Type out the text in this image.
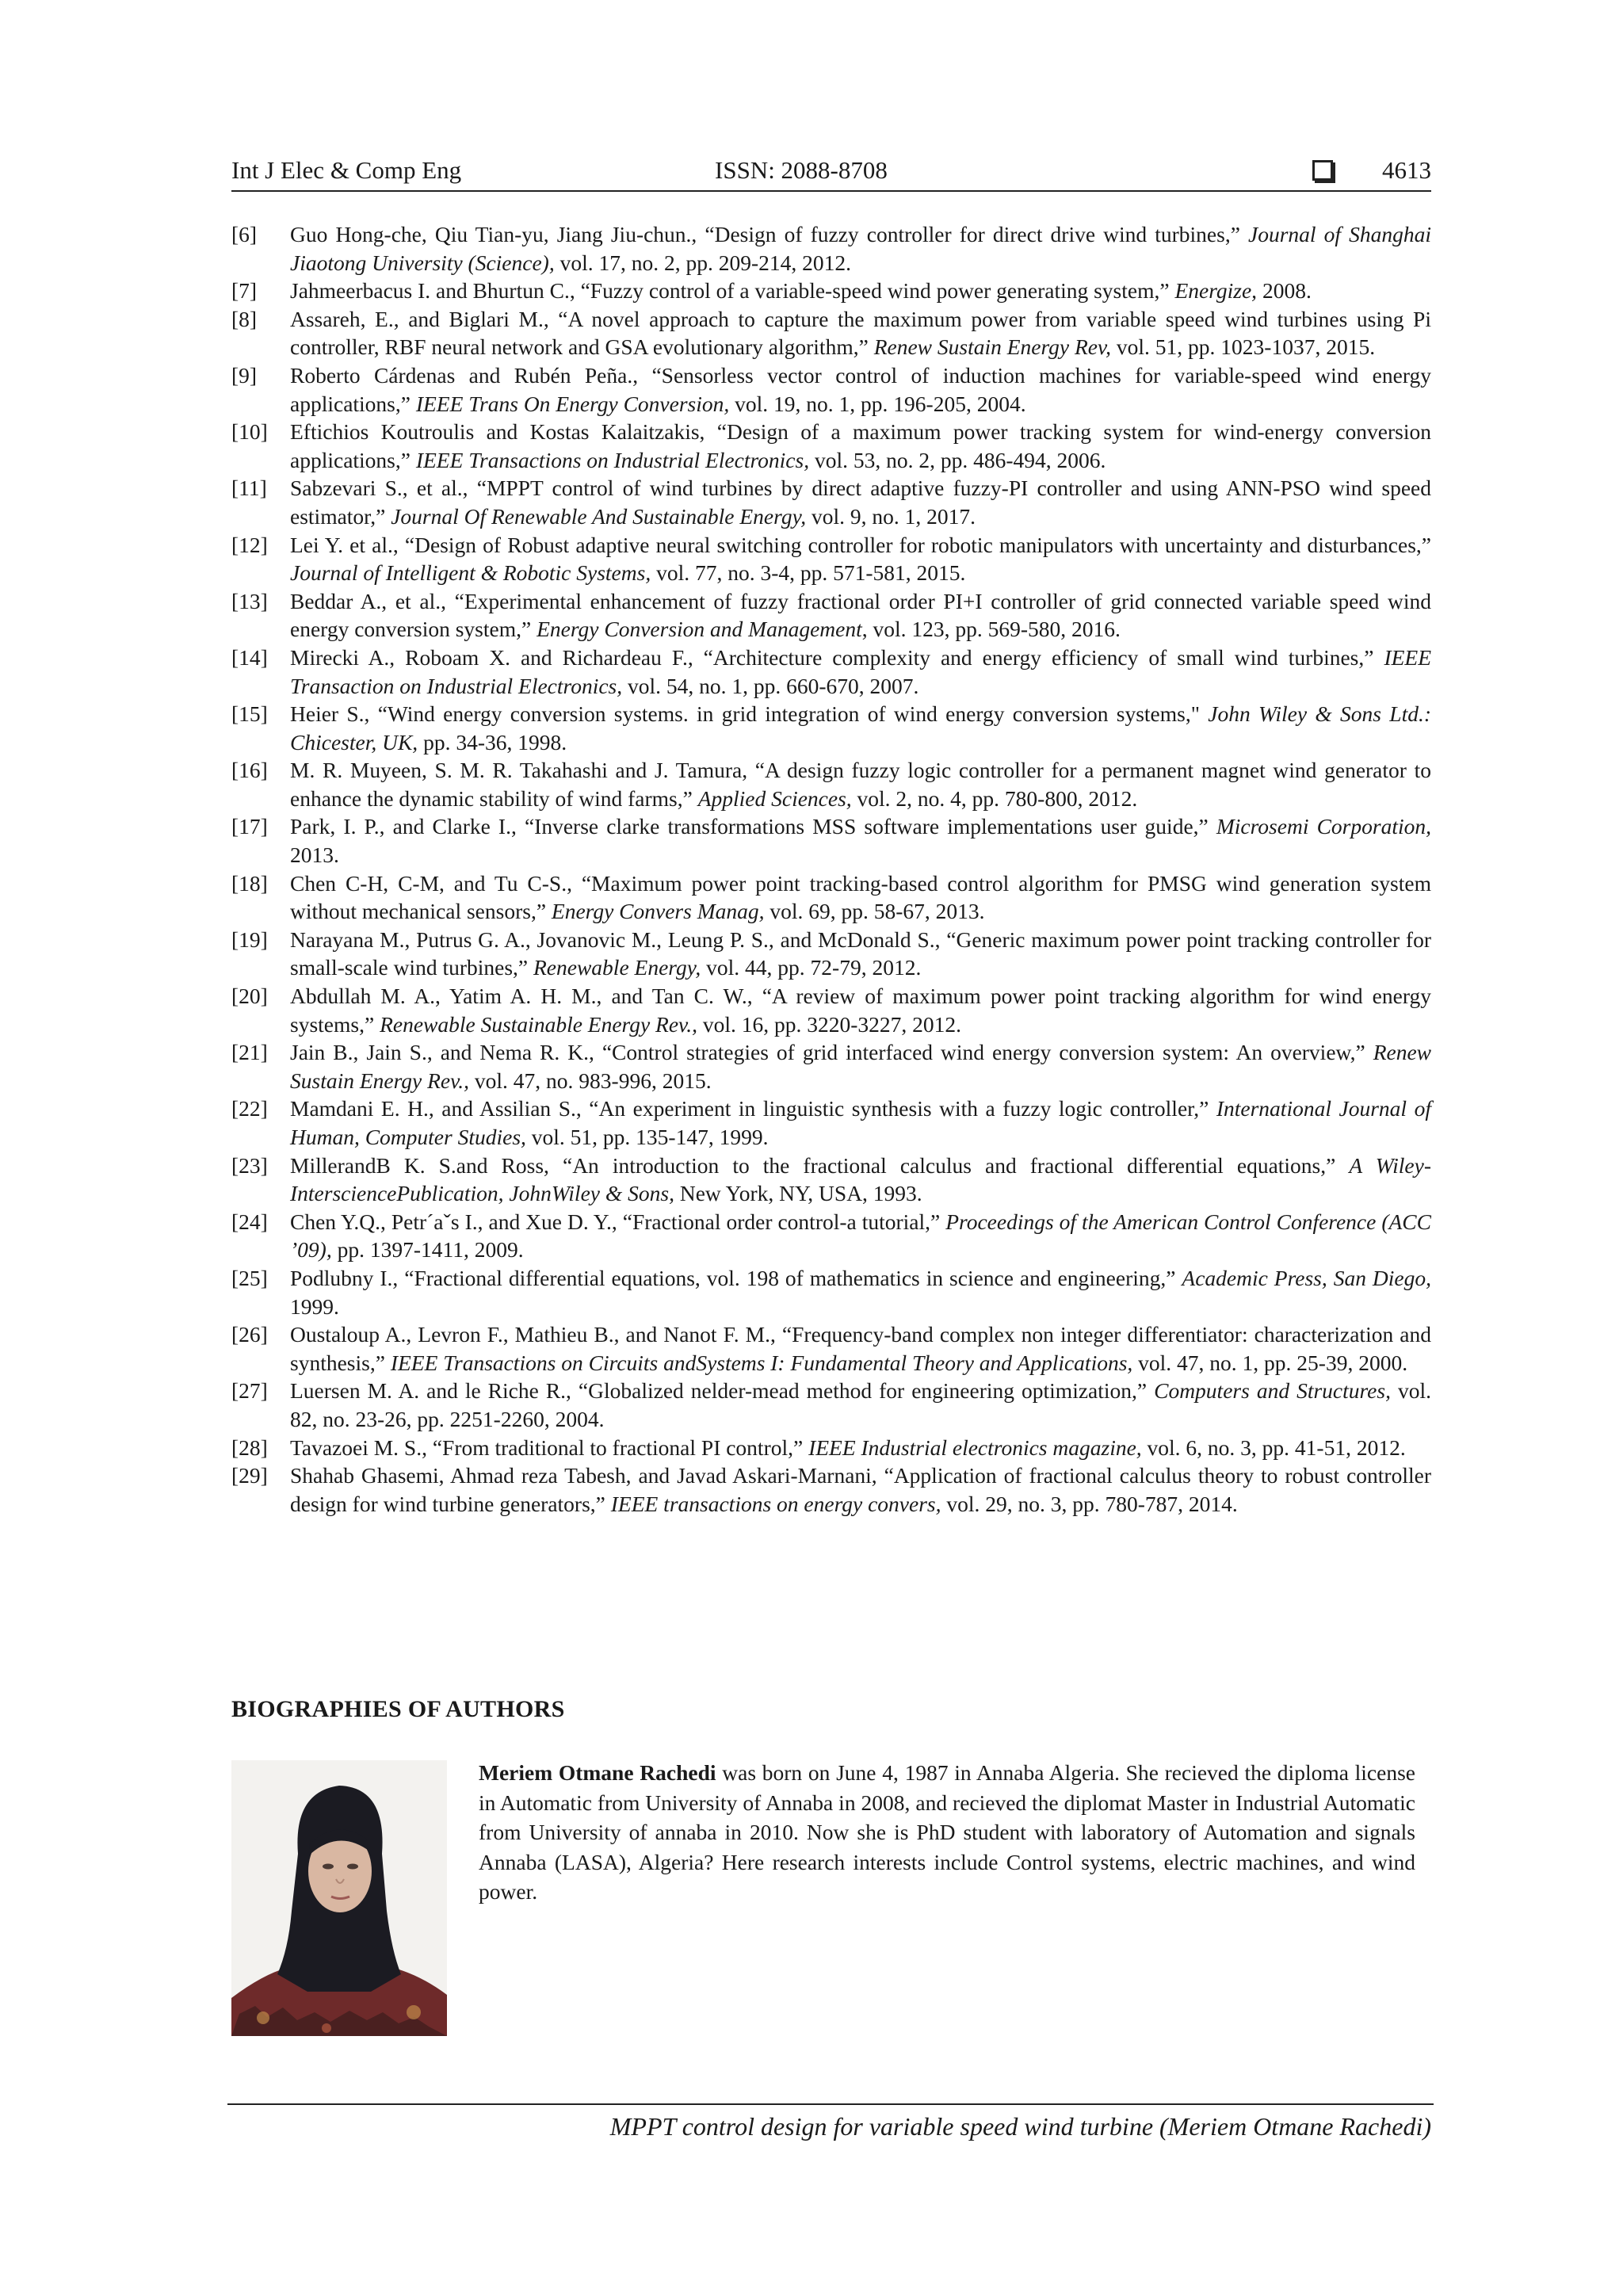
Int J Elec & Comp Eng	ISSN: 2088-8708	4613
[6]	Guo Hong-che, Qiu Tian-yu, Jiang Jiu-chun., “Design of fuzzy controller for direct drive wind turbines,” Journal of Shanghai Jiaotong University (Science), vol. 17, no. 2, pp. 209-214, 2012.
[7]	Jahmeerbacus I. and Bhurtun C., “Fuzzy control of a variable-speed wind power generating system,” Energize, 2008.
[8]	Assareh, E., and Biglari M., “A novel approach to capture the maximum power from variable speed wind turbines using Pi controller, RBF neural network and GSA evolutionary algorithm,” Renew Sustain Energy Rev, vol. 51, pp. 1023-1037, 2015.
[9]	Roberto Cárdenas and Rubén Peña., “Sensorless vector control of induction machines for variable-speed wind energy applications,” IEEE Trans On Energy Conversion, vol. 19, no. 1, pp. 196-205, 2004.
[10]	Eftichios Koutroulis and Kostas Kalaitzakis, “Design of a maximum power tracking system for wind-energy conversion applications,” IEEE Transactions on Industrial Electronics, vol. 53, no. 2, pp. 486-494, 2006.
[11]	Sabzevari S., et al., “MPPT control of wind turbines by direct adaptive fuzzy-PI controller and using ANN-PSO wind speed estimator,” Journal Of Renewable And Sustainable Energy, vol. 9, no. 1, 2017.
[12]	Lei Y. et al., “Design of Robust adaptive neural switching controller for robotic manipulators with uncertainty and disturbances,” Journal of Intelligent & Robotic Systems, vol. 77, no. 3-4, pp. 571-581, 2015.
[13]	Beddar A., et al., “Experimental enhancement of fuzzy fractional order PI+I controller of grid connected variable speed wind energy conversion system,” Energy Conversion and Management, vol. 123, pp. 569-580, 2016.
[14]	Mirecki A., Roboam X. and Richardeau F., “Architecture complexity and energy efficiency of small wind turbines,” IEEE Transaction on Industrial Electronics, vol. 54, no. 1, pp. 660-670, 2007.
[15]	Heier S., “Wind energy conversion systems. in grid integration of wind energy conversion systems," John Wiley & Sons Ltd.: Chicester, UK, pp. 34-36, 1998.
[16]	M. R. Muyeen, S. M. R. Takahashi and J. Tamura, “A design fuzzy logic controller for a permanent magnet wind generator to enhance the dynamic stability of wind farms,” Applied Sciences, vol. 2, no. 4, pp. 780-800, 2012.
[17]	Park, I. P., and Clarke I., “Inverse clarke transformations MSS software implementations user guide,” Microsemi Corporation, 2013.
[18]	Chen C-H, C-M, and Tu C-S., “Maximum power point tracking-based control algorithm for PMSG wind generation system without mechanical sensors,” Energy Convers Manag, vol. 69, pp. 58-67, 2013.
[19]	Narayana M., Putrus G. A., Jovanovic M., Leung P. S., and McDonald S., “Generic maximum power point tracking controller for small-scale wind turbines,” Renewable Energy, vol. 44, pp. 72-79, 2012.
[20]	Abdullah M. A., Yatim A. H. M., and Tan C. W., “A review of maximum power point tracking algorithm for wind energy systems,” Renewable Sustainable Energy Rev., vol. 16, pp. 3220-3227, 2012.
[21]	Jain B., Jain S., and Nema R. K., “Control strategies of grid interfaced wind energy conversion system: An overview,” Renew Sustain Energy Rev., vol. 47, no. 983-996, 2015.
[22]	Mamdani E. H., and Assilian S., “An experiment in linguistic synthesis with a fuzzy logic controller,” International Journal of Human, Computer Studies, vol. 51, pp. 135-147, 1999.
[23]	MillerandB K. S.and Ross, “An introduction to the fractional calculus and fractional differential equations,” A Wiley-IntersciencePublication, JohnWiley & Sons, New York, NY, USA, 1993.
[24]	Chen Y.Q., Petr´aˇs I., and Xue D. Y., “Fractional order control-a tutorial,” Proceedings of the American Control Conference (ACC ’09), pp. 1397-1411, 2009.
[25]	Podlubny I., “Fractional differential equations, vol. 198 of mathematics in science and engineering,” Academic Press, San Diego, 1999.
[26]	Oustaloup A., Levron F., Mathieu B., and Nanot F. M., “Frequency-band complex non integer differentiator: characterization and synthesis,” IEEE Transactions on Circuits andSystems I: Fundamental Theory and Applications, vol. 47, no. 1, pp. 25-39, 2000.
[27]	Luersen M. A. and le Riche R., “Globalized nelder-mead method for engineering optimization,” Computers and Structures, vol. 82, no. 23-26, pp. 2251-2260, 2004.
[28]	Tavazoei M. S., “From traditional to fractional PI control,” IEEE Industrial electronics magazine, vol. 6, no. 3, pp. 41-51, 2012.
[29]	Shahab Ghasemi, Ahmad reza Tabesh, and Javad Askari-Marnani, “Application of fractional calculus theory to robust controller design for wind turbine generators,” IEEE transactions on energy convers, vol. 29, no. 3, pp. 780-787, 2014.
BIOGRAPHIES OF AUTHORS
Meriem Otmane Rachedi was born on June 4, 1987 in Annaba Algeria. She recieved the diploma license in Automatic from University of Annaba in 2008, and recieved the diplomat Master in Industrial Automatic from University of annaba in 2010. Now she is PhD student with laboratory of Automation and signals Annaba (LASA), Algeria? Here research interests include Control systems, electric machines, and wind power.
MPPT control design for variable speed wind turbine (Meriem Otmane Rachedi)
